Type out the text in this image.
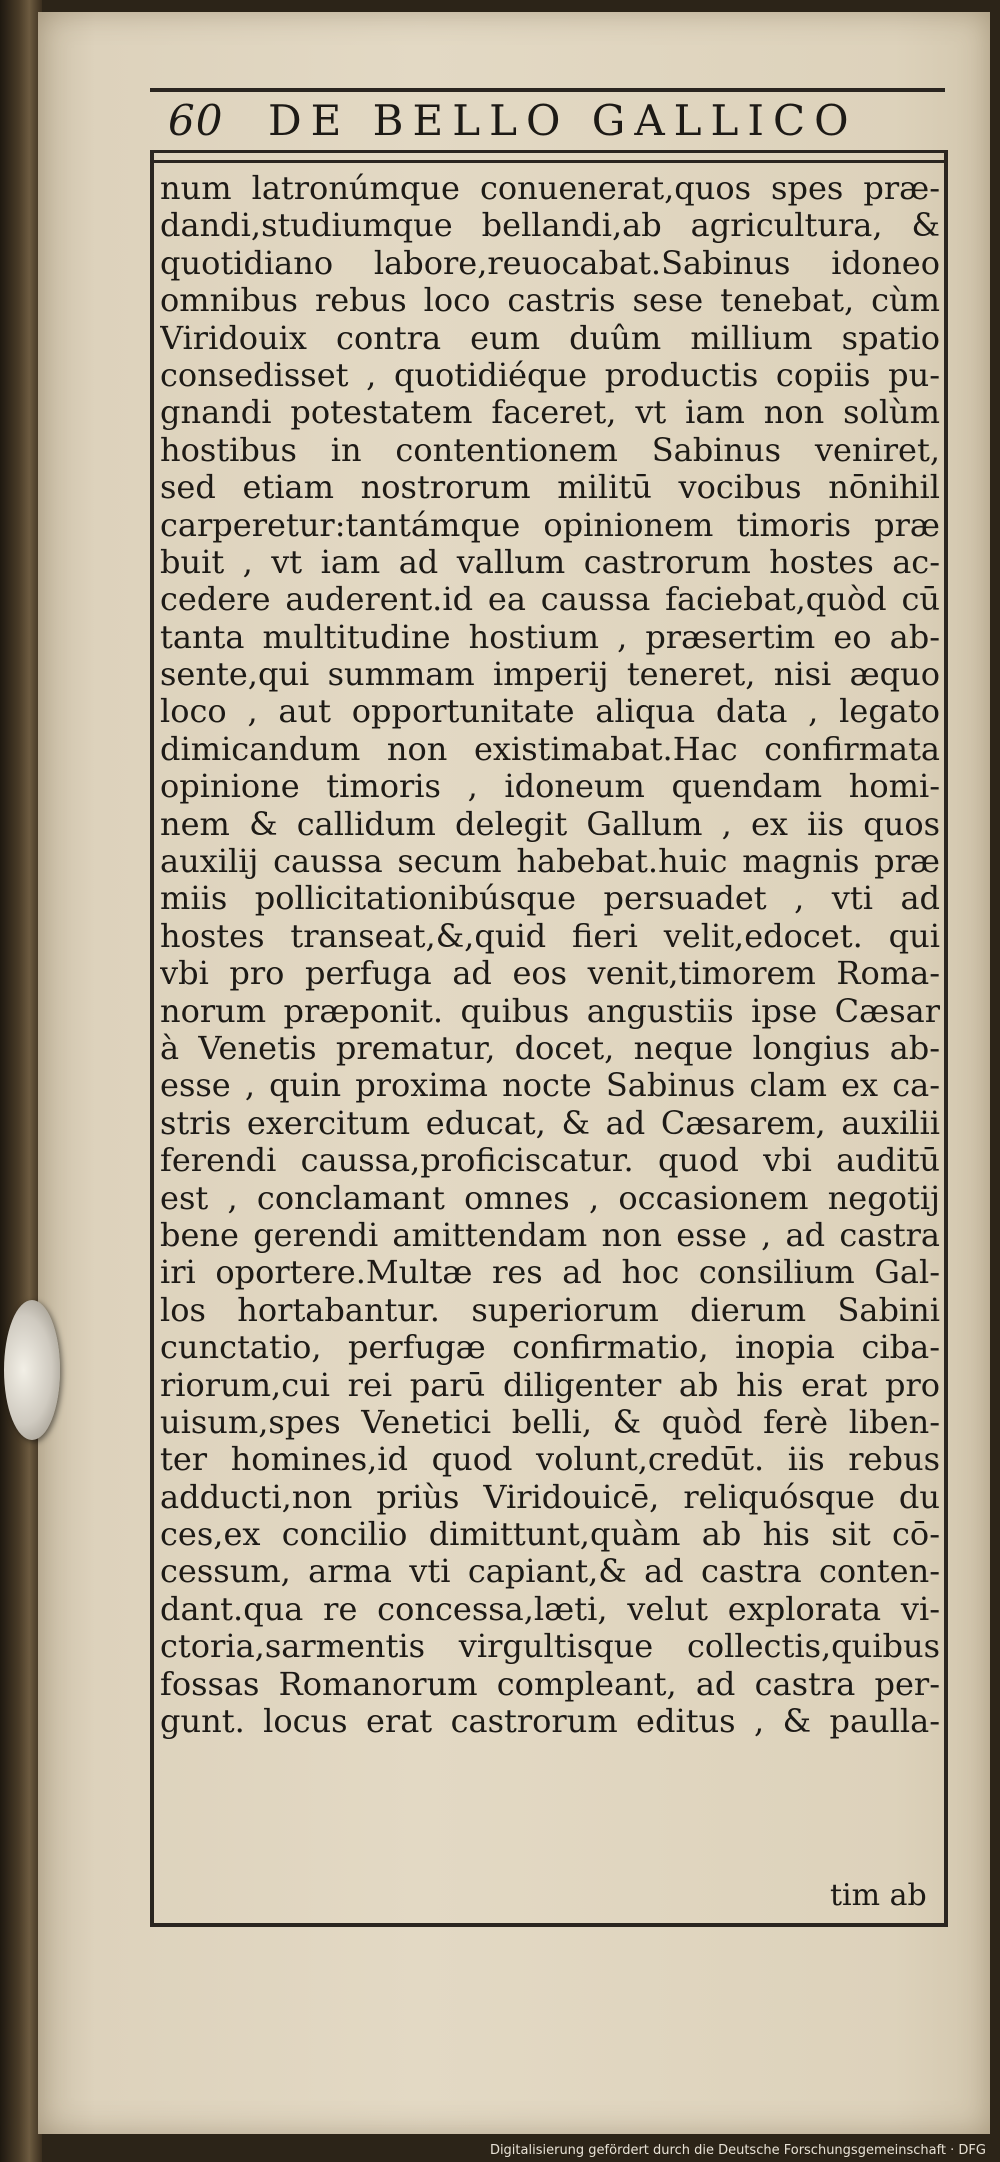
60 DE BELLO GALLICO
num latronúmque conuenerat,quos spes præ-
dandi,studiumque bellandi,ab agricultura, &
quotidiano labore,reuocabat.Sabinus idoneo
omnibus rebus loco castris sese tenebat, cùm
Viridouix contra eum duûm millium spatio
consedisset , quotidiéque productis copiis pu-
gnandi potestatem faceret, vt iam non solùm
hostibus in contentionem Sabinus veniret,
sed etiam nostrorum militū vocibus nōnihil
carperetur:tantámque opinionem timoris præ
buit , vt iam ad vallum castrorum hostes ac-
cedere auderent.id ea caussa faciebat,quòd cū
tanta multitudine hostium , præsertim eo ab-
sente,qui summam imperij teneret, nisi æquo
loco , aut opportunitate aliqua data , legato
dimicandum non existimabat.Hac confirmata
opinione timoris , idoneum quendam homi-
nem & callidum delegit Gallum , ex iis quos
auxilij caussa secum habebat.huic magnis præ
miis pollicitationibúsque persuadet , vti ad
hostes transeat,&,quid fieri velit,edocet. qui
vbi pro perfuga ad eos venit,timorem Roma-
norum præponit. quibus angustiis ipse Cæsar
à Venetis prematur, docet, neque longius ab-
esse , quin proxima nocte Sabinus clam ex ca-
stris exercitum educat, & ad Cæsarem, auxilii
ferendi caussa,proficiscatur. quod vbi auditū
est , conclamant omnes , occasionem negotij
bene gerendi amittendam non esse , ad castra
iri oportere.Multæ res ad hoc consilium Gal-
los hortabantur. superiorum dierum Sabini
cunctatio, perfugæ confirmatio, inopia ciba-
riorum,cui rei parū diligenter ab his erat pro
uisum,spes Venetici belli, & quòd ferè liben-
ter homines,id quod volunt,credūt. iis rebus
adducti,non priùs Viridouicē, reliquósque du
ces,ex concilio dimittunt,quàm ab his sit cō-
cessum, arma vti capiant,& ad castra conten-
dant.qua re concessa,læti, velut explorata vi-
ctoria,sarmentis virgultisque collectis,quibus
fossas Romanorum compleant, ad castra per-
gunt. locus erat castrorum editus , & paulla-
tim ab
Digitalisierung gefördert durch die Deutsche Forschungsgemeinschaft · DFG
